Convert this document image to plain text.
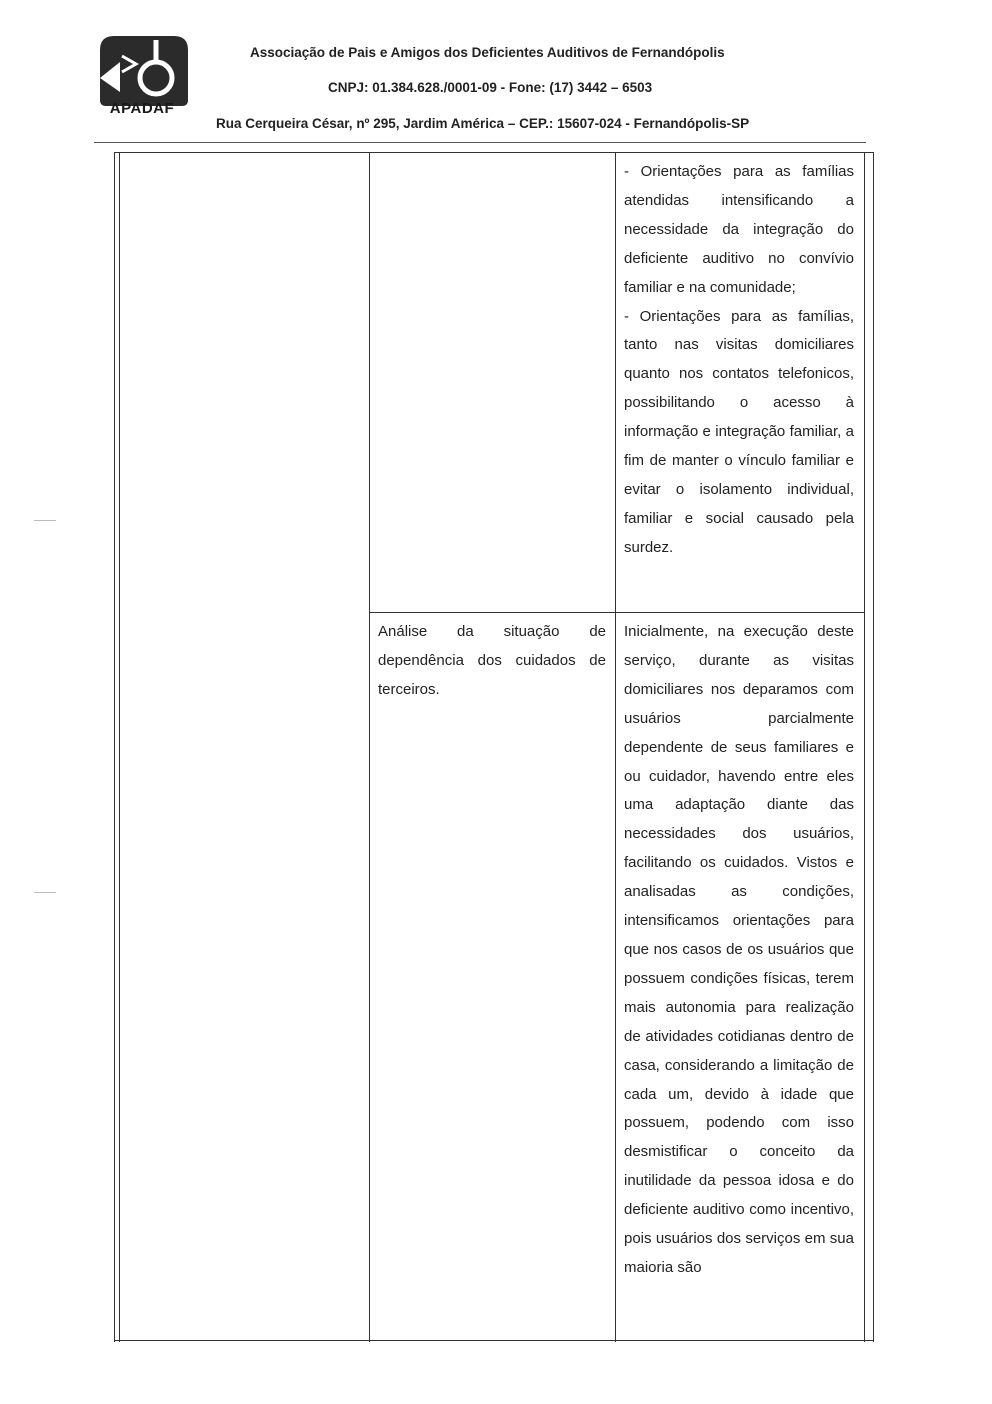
APADAF
Associação de Pais e Amigos dos Deficientes Auditivos de Fernandópolis
CNPJ: 01.384.628./0001-09 - Fone: (17) 3442 – 6503
Rua Cerqueira César, nº 295, Jardim América – CEP.: 15607-024 - Fernandópolis-SP

- Orientações para as famílias atendidas intensificando a necessidade da integração do deficiente auditivo no convívio familiar e na comunidade;

- Orientações para as famílias, tanto nas visitas domiciliares quanto nos contatos telefonicos, possibilitando o acesso à informação e integração familiar, a fim de manter o vínculo familiar e evitar o isolamento individual, familiar e social causado pela surdez.

Análise da situação de dependência dos cuidados de terceiros.
Inicialmente, na execução deste serviço, durante as visitas domiciliares nos deparamos com usuários parcialmente dependente de seus familiares e ou cuidador, havendo entre eles uma adaptação diante das necessidades dos usuários, facilitando os cuidados. Vistos e analisadas as condições, intensificamos orientações para que nos casos de os usuários que possuem condições físicas, terem mais autonomia para realização de atividades cotidianas dentro de casa, considerando a limitação de cada um, devido à idade que possuem, podendo com isso desmistificar o conceito da inutilidade da pessoa idosa e do deficiente auditivo como incentivo, pois usuários dos serviços em sua maioria são
